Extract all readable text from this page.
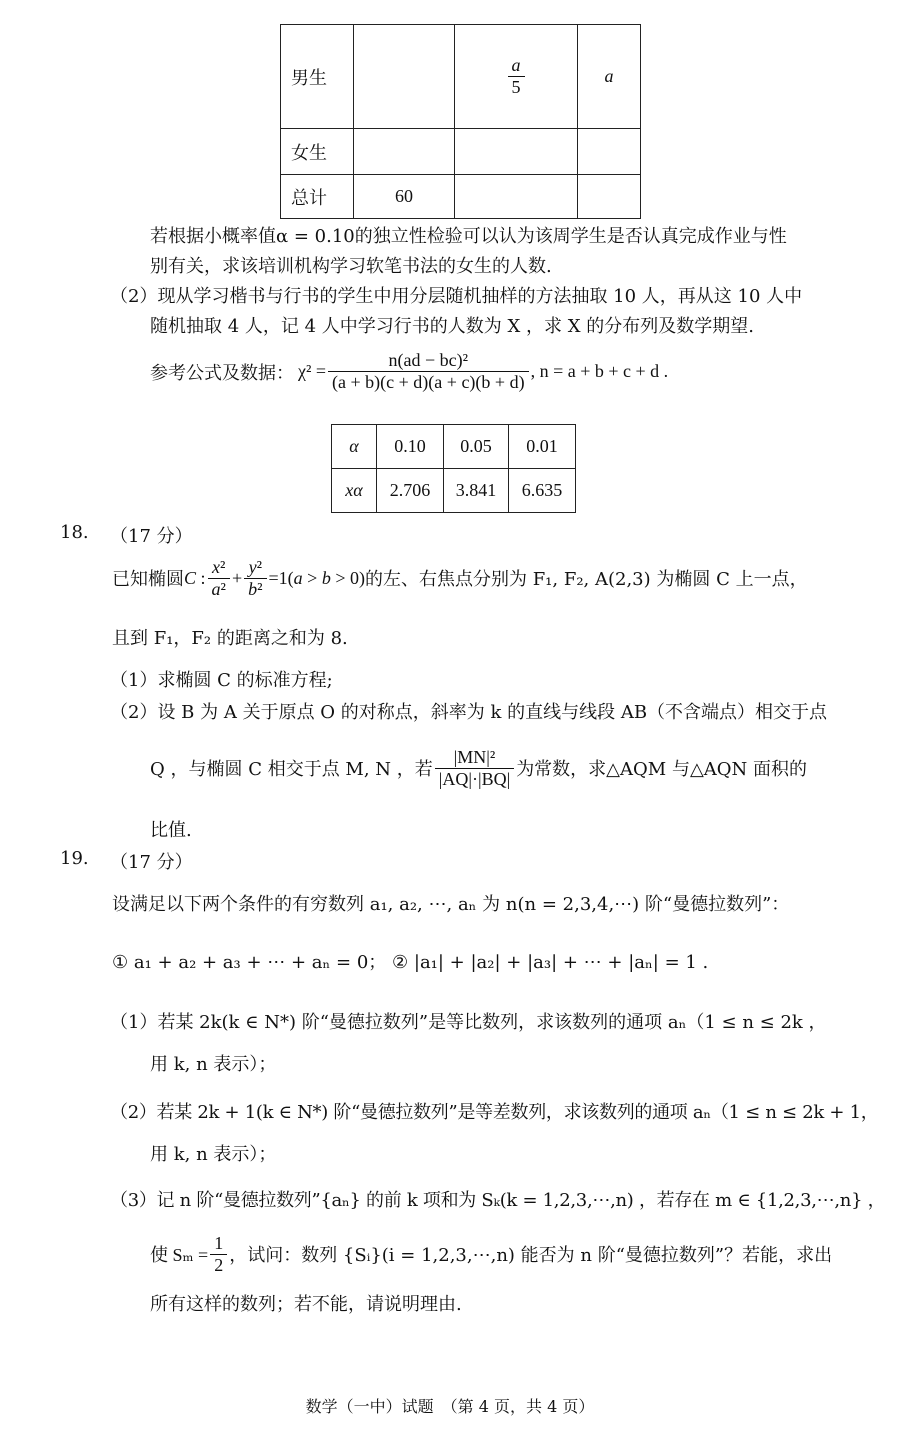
男生		$\frac{a}{5}$	a
女生			
总计	60		
若根据小概率值α = 0.10的独立性检验可以认为该周学生是否认真完成作业与性
别有关，求该培训机构学习软笔书法的女生的人数.
（2）现从学习楷书与行书的学生中用分层随机抽样的方法抽取 10 人，再从这 10 人中
随机抽取 4 人，记 4 人中学习行书的人数为 X ，求 X 的分布列及数学期望.
参考公式及数据： $\chi^2 = \frac{\text{n(ad − bc)²}}{(a + b)(c + d)(a + c)(b + d)}$ , n = a + b + c + d .
α	0.10	0.05	0.01
xα	2.706	3.841	6.635
18. （17 分）
已知椭圆 C : $\frac{\text{x²}}{\text{a²}} + \frac{\text{y²}}{\text{b²}} =1$( a > b > 0) 的左、右焦点分别为 F₁, F₂, A(2,3) 为椭圆 C 上一点，
且到 F₁，F₂ 的距离之和为 8.
（1）求椭圆 C 的标准方程;
（2）设 B 为 A 关于原点 O 的对称点，斜率为 k 的直线与线段 AB（不含端点）相交于点
Q ，与椭圆 C 相交于点 M, N ，若 $\frac{\text{|MN|²}}{|AQ|\cdot|BQ|}$ 为常数，求△AQM 与△AQN 面积的
比值.
19. （17 分）
设满足以下两个条件的有穷数列 a₁, a₂, ⋯, aₙ 为 n(n = 2,3,4,⋯) 阶“曼德拉数列”：
① a₁ + a₂ + a₃ + ⋯ + aₙ = 0； ② |a₁| + |a₂| + |a₃| + ⋯ + |aₙ| = 1 .
（1）若某 2k(k ∈ N*) 阶“曼德拉数列”是等比数列，求该数列的通项 aₙ（1 ≤ n ≤ 2k ，
用 k, n 表示）；
（2）若某 2k + 1(k ∈ N*) 阶“曼德拉数列”是等差数列，求该数列的通项 aₙ（1 ≤ n ≤ 2k + 1，
用 k, n 表示）；
（3）记 n 阶“曼德拉数列”{aₙ} 的前 k 项和为 Sₖ(k = 1,2,3,⋯,n) ，若存在 m ∈ {1,2,3,⋯,n} ，
使 $S_m = \frac{1}{2}$ ，试问：数列 {Sᵢ}(i = 1,2,3,⋯,n) 能否为 n 阶“曼德拉数列”？若能，求出
所有这样的数列；若不能，请说明理由.
数学（一中）试题　（第 4 页，共 4 页）
